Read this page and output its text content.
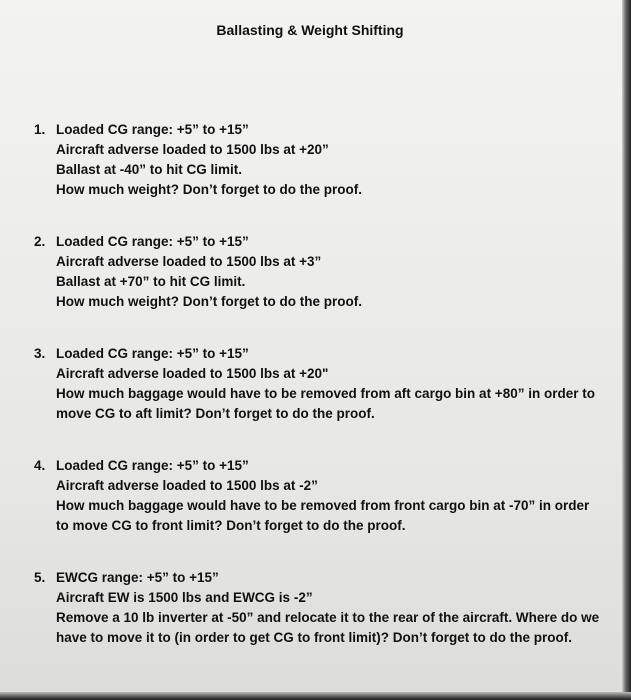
Ballasting & Weight Shifting
1. Loaded CG range: +5” to +15”
Aircraft adverse loaded to 1500 lbs at +20”
Ballast at -40” to hit CG limit.
How much weight? Don’t forget to do the proof.
2. Loaded CG range: +5” to +15”
Aircraft adverse loaded to 1500 lbs at +3”
Ballast at +70” to hit CG limit.
How much weight? Don’t forget to do the proof.
3. Loaded CG range: +5” to +15”
Aircraft adverse loaded to 1500 lbs at +20"
How much baggage would have to be removed from aft cargo bin at +80” in order to move CG to aft limit? Don’t forget to do the proof.
4. Loaded CG range: +5” to +15”
Aircraft adverse loaded to 1500 lbs at -2”
How much baggage would have to be removed from front cargo bin at -70” in order to move CG to front limit? Don’t forget to do the proof.
5. EWCG range: +5” to +15”
Aircraft EW is 1500 lbs and EWCG is -2”
Remove a 10 lb inverter at -50” and relocate it to the rear of the aircraft. Where do we have to move it to (in order to get CG to front limit)? Don’t forget to do the proof.
